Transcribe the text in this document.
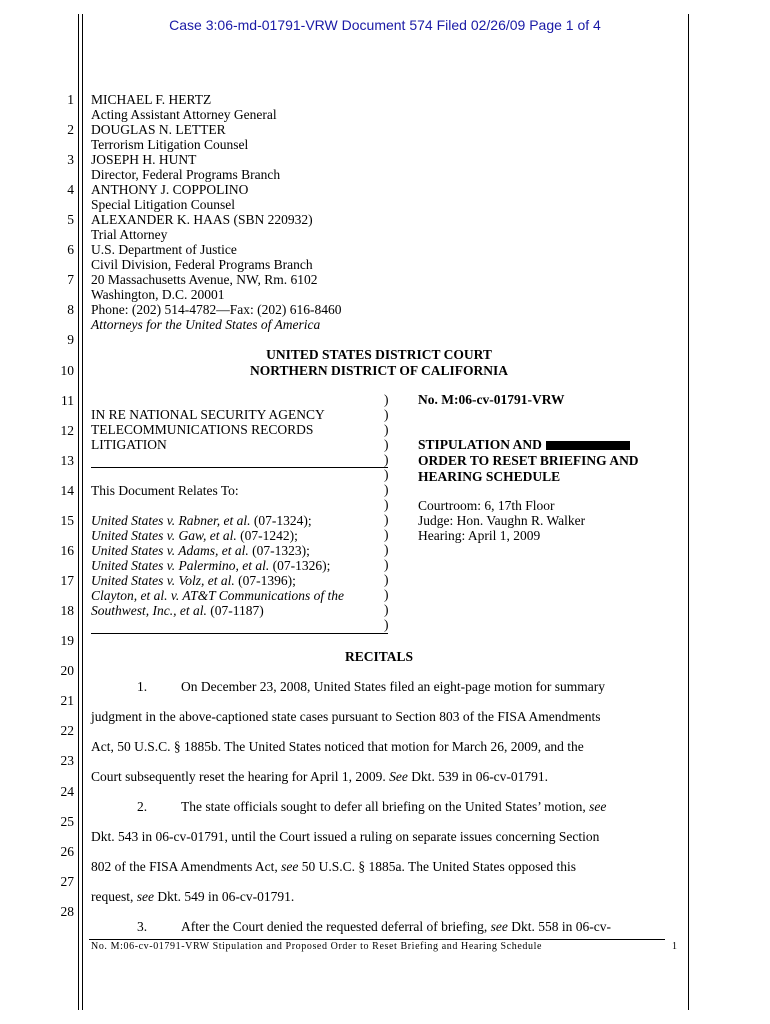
Case 3:06-md-01791-VRW Document 574 Filed 02/26/09 Page 1 of 4
1
2
3
4
5
6
7
8
9
10
11
12
13
14
15
16
17
18
19
20
21
22
23
24
25
26
27
28
MICHAEL F. HERTZ
Acting Assistant Attorney General
DOUGLAS N. LETTER
Terrorism Litigation Counsel
JOSEPH H. HUNT
Director, Federal Programs Branch
ANTHONY J. COPPOLINO
Special Litigation Counsel
ALEXANDER K. HAAS (SBN 220932)
Trial Attorney
U.S. Department of Justice
Civil Division, Federal Programs Branch
20 Massachusetts Avenue, NW, Rm. 6102
Washington, D.C. 20001
Phone: (202) 514-4782—Fax: (202) 616-8460
Attorneys for the United States of America
UNITED STATES DISTRICT COURT
NORTHERN DISTRICT OF CALIFORNIA
IN RE NATIONAL SECURITY AGENCY
TELECOMMUNICATIONS RECORDS
LITIGATION
This Document Relates To:
United States v. Rabner, et al. (07-1324);
United States v. Gaw, et al. (07-1242);
United States v. Adams, et al. (07-1323);
United States v. Palermino, et al. (07-1326);
United States v. Volz, et al. (07-1396);
Clayton, et al. v. AT&T Communications of the
Southwest, Inc., et al. (07-1187)
)
)
)
)
)
)
)
)
)
)
)
)
)
)
)
)
No. M:06-cv-01791-VRW
STIPULATION AND
ORDER TO RESET BRIEFING AND
HEARING SCHEDULE
Courtroom: 6, 17th Floor
Judge: Hon. Vaughn R. Walker
Hearing: April 1, 2009
RECITALS
1.	On December 23, 2008, United States filed an eight-page motion for summary
judgment in the above-captioned state cases pursuant to Section 803 of the FISA Amendments
Act, 50 U.S.C. § 1885b. The United States noticed that motion for March 26, 2009, and the
Court subsequently reset the hearing for April 1, 2009. See Dkt. 539 in 06-cv-01791.
2.	The state officials sought to defer all briefing on the United States’ motion, see
Dkt. 543 in 06-cv-01791, until the Court issued a ruling on separate issues concerning Section
802 of the FISA Amendments Act, see 50 U.S.C. § 1885a. The United States opposed this
request, see Dkt. 549 in 06-cv-01791.
3.	After the Court denied the requested deferral of briefing, see Dkt. 558 in 06-cv-
No. M:06-cv-01791-VRW Stipulation and Proposed Order to Reset Briefing and Hearing Schedule	1
